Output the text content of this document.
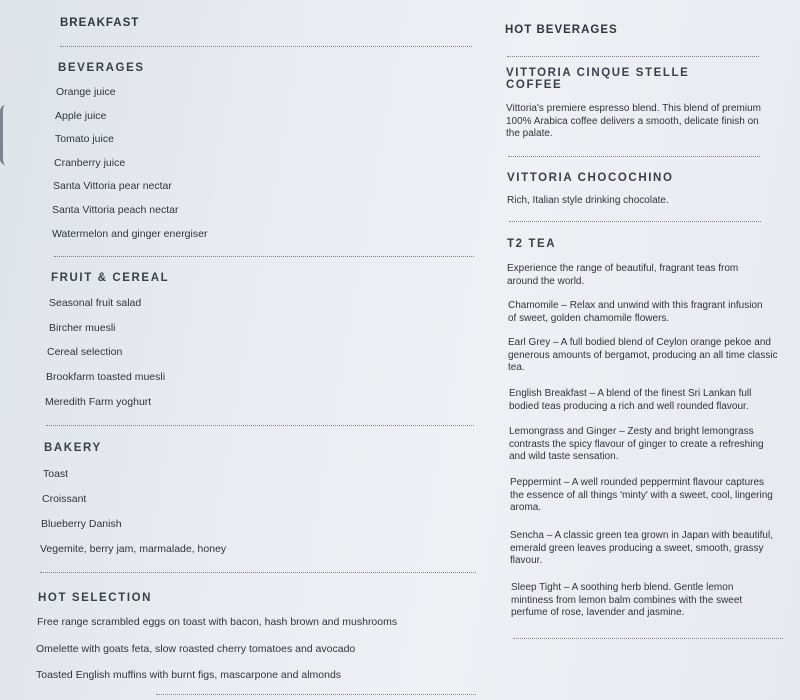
BREAKFAST
BEVERAGES

Orange juice

Apple juice

Tomato juice

Cranberry juice

Santa Vittoria pear nectar

Santa Vittoria peach nectar

Watermelon and ginger energiser

FRUIT & CEREAL

Seasonal fruit salad

Bircher muesli

Cereal selection

Brookfarm toasted muesli

Meredith Farm yoghurt

BAKERY

Toast

Croissant

Blueberry Danish

Vegemite, berry jam, marmalade, honey

HOT SELECTION

Free range scrambled eggs on toast with bacon, hash brown and mushrooms

Omelette with goats feta, slow roasted cherry tomatoes and avocado

Toasted English muffins with burnt figs, mascarpone and almonds

HOT BEVERAGES
VITTORIA CINQUE STELLE COFFEE

Vittoria's premiere espresso blend. This blend of premium 100% Arabica coffee delivers a smooth, delicate finish on the palate.

VITTORIA CHOCOCHINO

Rich, Italian style drinking chocolate.

T2 TEA

Experience the range of beautiful, fragrant teas from around the world.

Chamomile – Relax and unwind with this fragrant infusion of sweet, golden chamomile flowers.

Earl Grey – A full bodied blend of Ceylon orange pekoe and generous amounts of bergamot, producing an all time classic tea.

English Breakfast – A blend of the finest Sri Lankan full bodied teas producing a rich and well rounded flavour.

Lemongrass and Ginger – Zesty and bright lemongrass contrasts the spicy flavour of ginger to create a refreshing and wild taste sensation.

Peppermint – A well rounded peppermint flavour captures the essence of all things 'minty' with a sweet, cool, lingering aroma.

Sencha – A classic green tea grown in Japan with beautiful, emerald green leaves producing a sweet, smooth, grassy flavour.

Sleep Tight – A soothing herb blend. Gentle lemon mintiness from lemon balm combines with the sweet perfume of rose, lavender and jasmine.
